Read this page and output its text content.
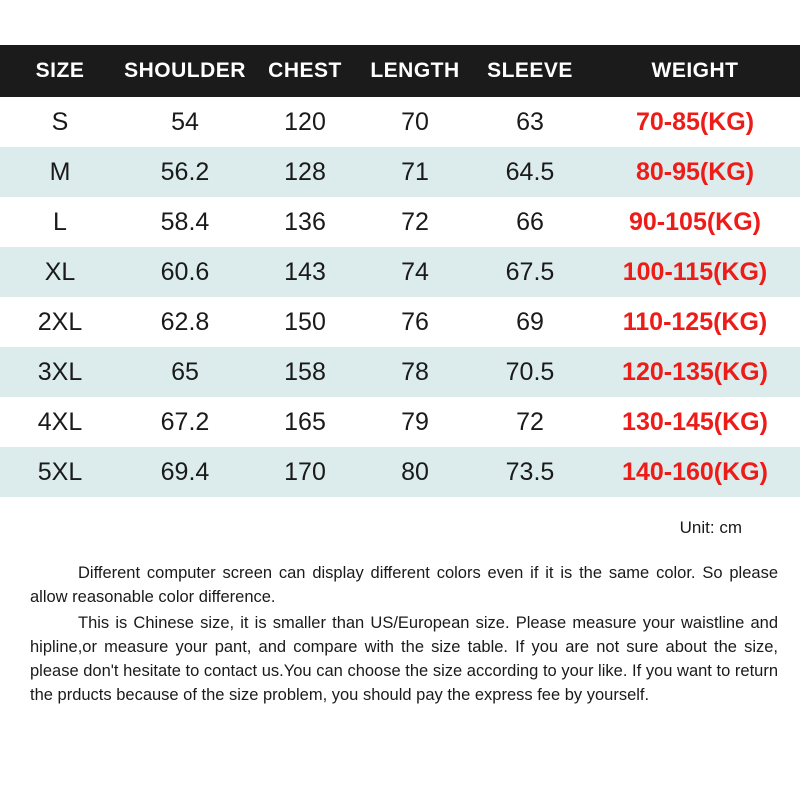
SIZE	SHOULDER	CHEST	LENGTH	SLEEVE	WEIGHT
S	54	120	70	63	70-85(KG)
M	56.2	128	71	64.5	80-95(KG)
L	58.4	136	72	66	90-105(KG)
XL	60.6	143	74	67.5	100-115(KG)
2XL	62.8	150	76	69	110-125(KG)
3XL	65	158	78	70.5	120-135(KG)
4XL	67.2	165	79	72	130-145(KG)
5XL	69.4	170	80	73.5	140-160(KG)
Unit: cm

Different computer screen can display different colors even if it is the same color. So please allow reasonable color difference.

This is Chinese size, it is smaller than US/European size. Please measure your waistline and hipline,or measure your pant, and compare with the size table. If you are not sure about the size, please don't hesitate to contact us.You can choose the size according to your like. If you want to return the prducts because of the size problem, you should pay the express fee by yourself.
